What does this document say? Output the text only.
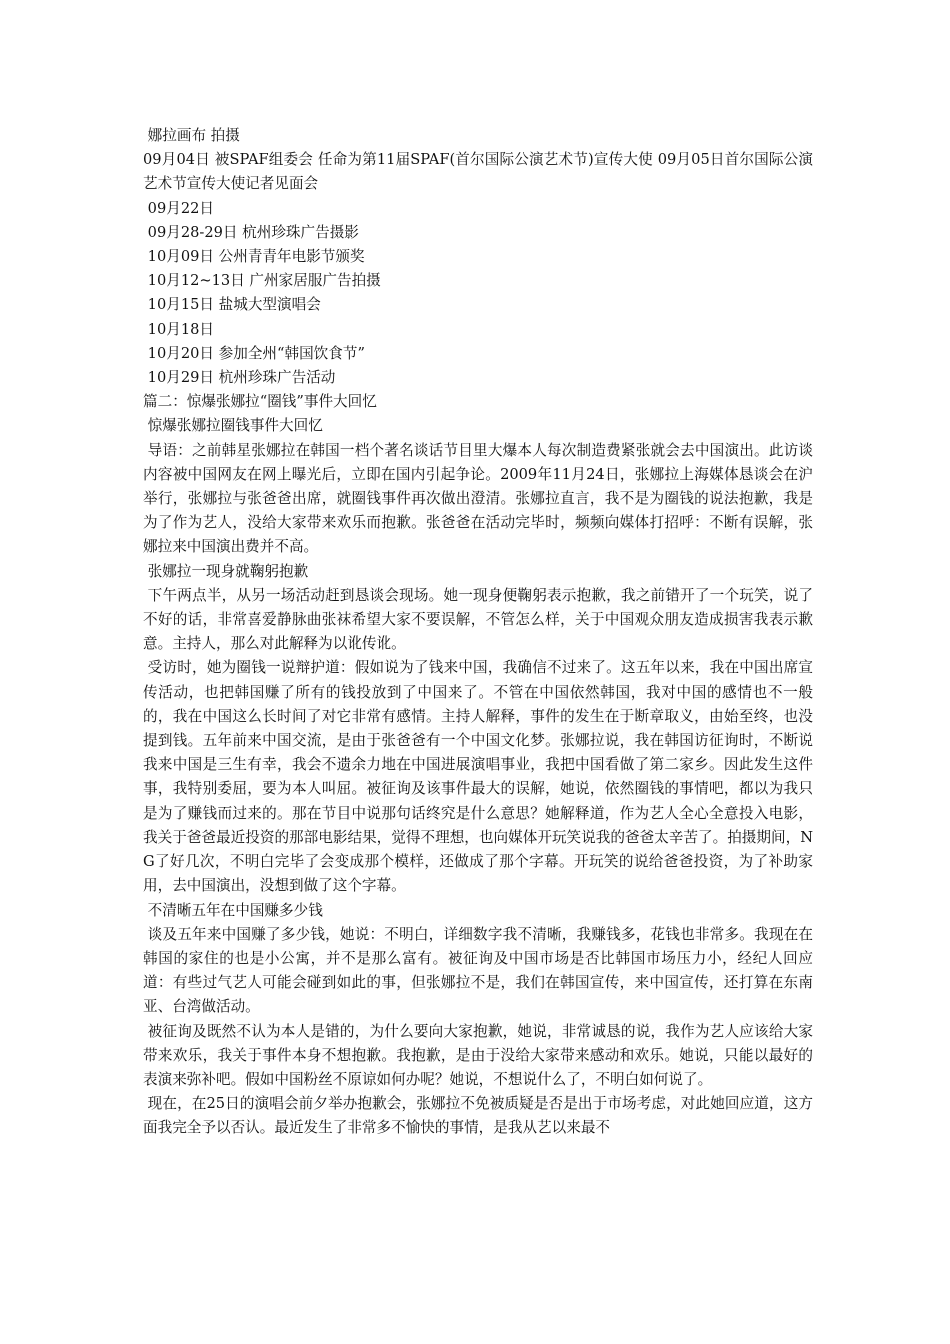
娜拉画布 拍摄

09月04日 被SPAF组委会 任命为第11届SPAF(首尔国际公演艺术节)宣传大使 09月05日首尔国际公演艺术节宣传大使记者见面会

09月22日

09月28-29日 杭州珍珠广告摄影

10月09日 公州青青年电影节颁奖

10月12~13日 广州家居服广告拍摄

10月15日 盐城大型演唱会

10月18日

10月20日 参加全州“韩国饮食节”

10月29日 杭州珍珠广告活动

篇二：惊爆张娜拉“圈钱”事件大回忆

惊爆张娜拉圈钱事件大回忆

导语：之前韩星张娜拉在韩国一档个著名谈话节目里大爆本人每次制造费紧张就会去中国演出。此访谈内容被中国网友在网上曝光后，立即在国内引起争论。2009年11月24日，张娜拉上海媒体恳谈会在沪举行，张娜拉与张爸爸出席，就圈钱事件再次做出澄清。张娜拉直言，我不是为圈钱的说法抱歉，我是为了作为艺人，没给大家带来欢乐而抱歉。张爸爸在活动完毕时，频频向媒体打招呼：不断有误解，张娜拉来中国演出费并不高。

张娜拉一现身就鞠躬抱歉

下午两点半，从另一场活动赶到恳谈会现场。她一现身便鞠躬表示抱歉，我之前错开了一个玩笑，说了不好的话，非常喜爱静脉曲张袜希望大家不要误解，不管怎么样，关于中国观众朋友造成损害我表示歉意。主持人，那么对此解释为以讹传讹。

受访时，她为圈钱一说辩护道：假如说为了钱来中国，我确信不过来了。这五年以来，我在中国出席宣传活动，也把韩国赚了所有的钱投放到了中国来了。不管在中国依然韩国，我对中国的感情也不一般的，我在中国这么长时间了对它非常有感情。主持人解释，事件的发生在于断章取义，由始至终，也没提到钱。五年前来中国交流，是由于张爸爸有一个中国文化梦。张娜拉说，我在韩国访征询时，不断说我来中国是三生有幸，我会不遗余力地在中国进展演唱事业，我把中国看做了第二家乡。因此发生这件事，我特别委屈，要为本人叫屈。被征询及该事件最大的误解，她说，依然圈钱的事情吧，都以为我只是为了赚钱而过来的。那在节目中说那句话终究是什么意思？她解释道，作为艺人全心全意投入电影，我关于爸爸最近投资的那部电影结果，觉得不理想，也向媒体开玩笑说我的爸爸太辛苦了。拍摄期间，NG了好几次，不明白完毕了会变成那个模样，还做成了那个字幕。开玩笑的说给爸爸投资，为了补助家用，去中国演出，没想到做了这个字幕。

不清晰五年在中国赚多少钱

谈及五年来中国赚了多少钱，她说：不明白，详细数字我不清晰，我赚钱多，花钱也非常多。我现在在韩国的家住的也是小公寓，并不是那么富有。被征询及中国市场是否比韩国市场压力小，经纪人回应道：有些过气艺人可能会碰到如此的事，但张娜拉不是，我们在韩国宣传，来中国宣传，还打算在东南亚、台湾做活动。

被征询及既然不认为本人是错的，为什么要向大家抱歉，她说，非常诚恳的说，我作为艺人应该给大家带来欢乐，我关于事件本身不想抱歉。我抱歉，是由于没给大家带来感动和欢乐。她说，只能以最好的表演来弥补吧。假如中国粉丝不原谅如何办呢？她说，不想说什么了，不明白如何说了。

现在，在25日的演唱会前夕举办抱歉会，张娜拉不免被质疑是否是出于市场考虑，对此她回应道，这方面我完全予以否认。最近发生了非常多不愉快的事情，是我从艺以来最不
